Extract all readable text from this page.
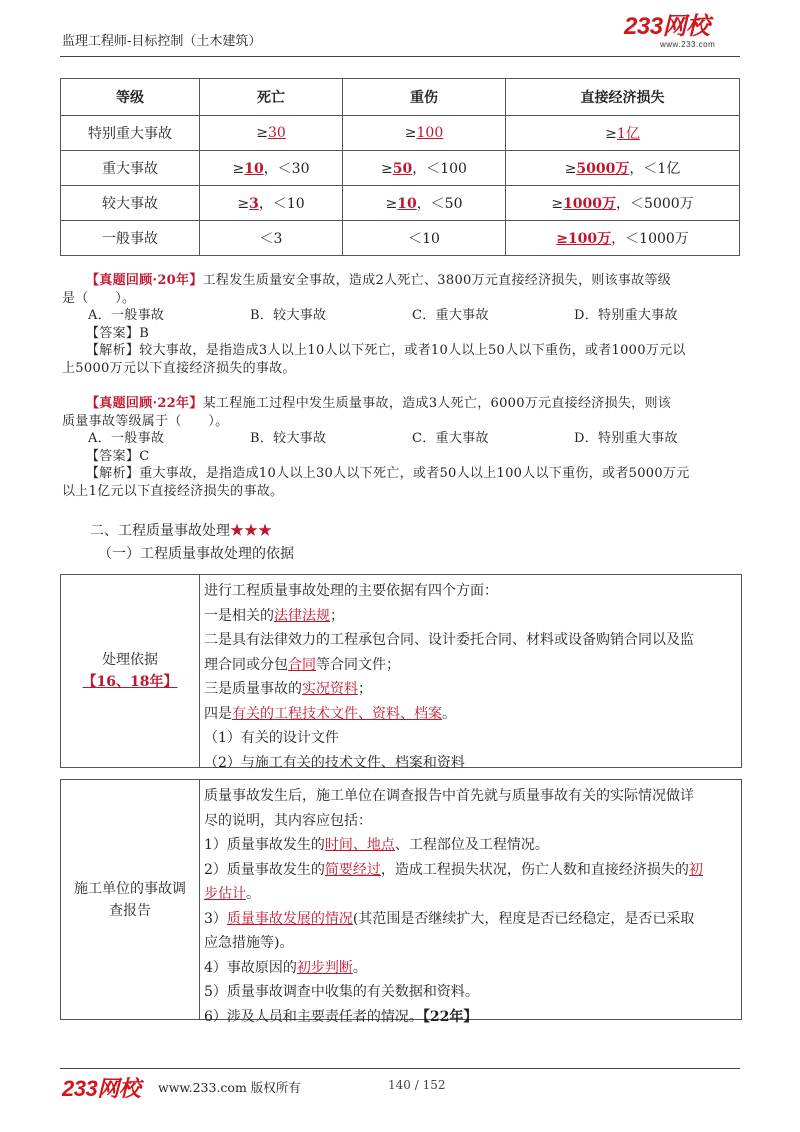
监理工程师-目标控制（土木建筑）
233网校
www.233.com
等级	死亡	重伤	直接经济损失
特别重大事故	≥30	≥100	≥1亿
重大事故	≥10，＜30	≥50，＜100	≥5000万，＜1亿
较大事故	≥3，＜10	≥10，＜50	≥1000万，＜5000万
一般事故	＜3	＜10	≥100万，＜1000万
【真题回顾·20年】工程发生质量安全事故，造成2人死亡、3800万元直接经济损失，则该事故等级
是（　　）。
A．一般事故	B．较大事故	C．重大事故	D．特别重大事故
【答案】B
【解析】较大事故，是指造成3人以上10人以下死亡，或者10人以上50人以下重伤，或者1000万元以
上5000万元以下直接经济损失的事故。
【真题回顾·22年】某工程施工过程中发生质量事故，造成3人死亡，6000万元直接经济损失，则该
质量事故等级属于（　　）。
A．一般事故	B．较大事故	C．重大事故	D．特别重大事故
【答案】C
【解析】重大事故，是指造成10人以上30人以下死亡，或者50人以上100人以下重伤，或者5000万元
以上1亿元以下直接经济损失的事故。
二、工程质量事故处理★★★
（一）工程质量事故处理的依据
处理依据
【16、18年】
进行工程质量事故处理的主要依据有四个方面：
一是相关的法律法规；
二是具有法律效力的工程承包合同、设计委托合同、材料或设备购销合同以及监
理合同或分包合同等合同文件；
三是质量事故的实况资料；
四是有关的工程技术文件、资料、档案。
（1）有关的设计文件
（2）与施工有关的技术文件、档案和资料
施工单位的事故调
查报告
质量事故发生后，施工单位在调查报告中首先就与质量事故有关的实际情况做详
尽的说明，其内容应包括：
1）质量事故发生的时间、地点、工程部位及工程情况。
2）质量事故发生的简要经过，造成工程损失状况，伤亡人数和直接经济损失的初
步估计。
3）质量事故发展的情况(其范围是否继续扩大，程度是否已经稳定，是否已采取
应急措施等)。
4）事故原因的初步判断。
5）质量事故调查中收集的有关数据和资料。
6）涉及人员和主要责任者的情况。【22年】
233网校 www.233.com 版权所有	140 / 152
